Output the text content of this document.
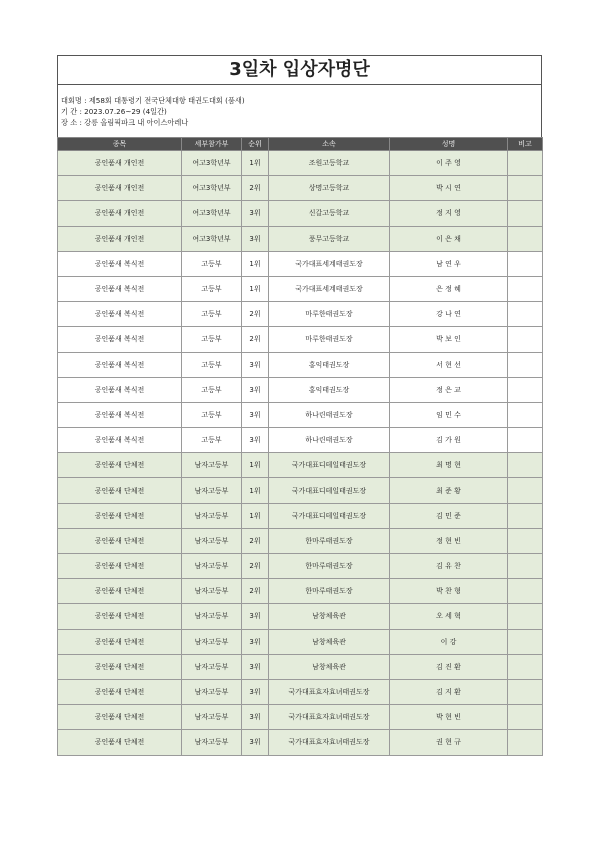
3일차 입상자명단
대회명 : 제58회 대통령기 전국단체대항 태권도대회 (품새)
기 간 : 2023.07.26~29 (4일간)
장 소 : 강릉 올림픽파크 내 아이스아레나
종목	세부참가부	순위	소속	성명	비고
공인품새 개인전	여고3학년부	1위	조원고등학교	이 주 영	
공인품새 개인전	여고3학년부	2위	상명고등학교	박 시 연	
공인품새 개인전	여고3학년부	3위	신갈고등학교	정 지 영	
공인품새 개인전	여고3학년부	3위	풍무고등학교	이 은 채	
공인품새 복식전	고등부	1위	국가대표세계태권도장	남 연 우	
공인품새 복식전	고등부	1위	국가대표세계태권도장	은 정 혜	
공인품새 복식전	고등부	2위	마루한태권도장	강 나 연	
공인품새 복식전	고등부	2위	마루한태권도장	박 보 인	
공인품새 복식전	고등부	3위	홍익태권도장	서 현 선	
공인품새 복식전	고등부	3위	홍익태권도장	정 은 교	
공인품새 복식전	고등부	3위	하나린태권도장	임 민 수	
공인품새 복식전	고등부	3위	하나린태권도장	김 가 원	
공인품새 단체전	남자고등부	1위	국가대표디테일태권도장	최 명 현	
공인품새 단체전	남자고등부	1위	국가대표디테일태권도장	최 준 황	
공인품새 단체전	남자고등부	1위	국가대표디테일태권도장	김 민 준	
공인품새 단체전	남자고등부	2위	한마루태권도장	정 현 빈	
공인품새 단체전	남자고등부	2위	한마루태권도장	김 유 찬	
공인품새 단체전	남자고등부	2위	한마루태권도장	박 찬 형	
공인품새 단체전	남자고등부	3위	남창체육관	오 세 혁	
공인품새 단체전	남자고등부	3위	남창체육관	이 강	
공인품새 단체전	남자고등부	3위	남창체육관	김 진 환	
공인품새 단체전	남자고등부	3위	국가대표효자효녀태권도장	김 지 환	
공인품새 단체전	남자고등부	3위	국가대표효자효녀태권도장	박 현 빈	
공인품새 단체전	남자고등부	3위	국가대표효자효녀태권도장	권 현 규	
